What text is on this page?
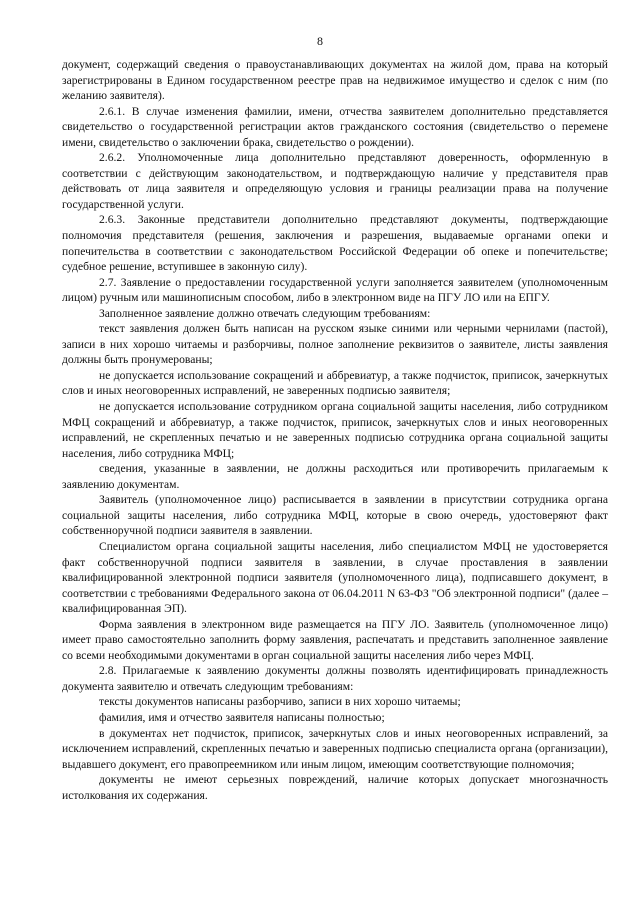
8

документ, содержащий сведения о правоустанавливающих документах на жилой дом, права на который зарегистрированы в Едином государственном реестре прав на недвижимое имущество и сделок с ним (по желанию заявителя).

2.6.1. В случае изменения фамилии, имени, отчества заявителем дополнительно представляется свидетельство о государственной регистрации актов гражданского состояния (свидетельство о перемене имени, свидетельство о заключении брака, свидетельство о рождении).

2.6.2. Уполномоченные лица дополнительно представляют доверенность, оформленную в соответствии с действующим законодательством, и подтверждающую наличие у представителя прав действовать от лица заявителя и определяющую условия и границы реализации права на получение государственной услуги.

2.6.3. Законные представители дополнительно представляют документы, подтверждающие полномочия представителя (решения, заключения и разрешения, выдаваемые органами опеки и попечительства в соответствии с законодательством Российской Федерации об опеке и попечительстве; судебное решение, вступившее в законную силу).

2.7. Заявление о предоставлении государственной услуги заполняется заявителем (уполномоченным лицом) ручным или машинописным способом, либо в электронном виде на ПГУ ЛО или на ЕПГУ.

Заполненное заявление должно отвечать следующим требованиям:

текст заявления должен быть написан на русском языке синими или черными чернилами (пастой), записи в них хорошо читаемы и разборчивы, полное заполнение реквизитов о заявителе, листы заявления должны быть пронумерованы;

не допускается использование сокращений и аббревиатур, а также подчисток, приписок, зачеркнутых слов и иных неоговоренных исправлений, не заверенных подписью заявителя;

не допускается использование сотрудником органа социальной защиты населения, либо сотрудником МФЦ сокращений и аббревиатур, а также подчисток, приписок, зачеркнутых слов и иных неоговоренных исправлений, не скрепленных печатью и не заверенных подписью сотрудника органа социальной защиты населения, либо сотрудника МФЦ;

сведения, указанные в заявлении, не должны расходиться или противоречить прилагаемым к заявлению документам.

Заявитель (уполномоченное лицо) расписывается в заявлении в присутствии сотрудника органа социальной защиты населения, либо сотрудника МФЦ, которые в свою очередь, удостоверяют факт собственноручной подписи заявителя в заявлении.

Специалистом органа социальной защиты населения, либо специалистом МФЦ не удостоверяется факт собственноручной подписи заявителя в заявлении, в случае проставления в заявлении квалифицированной электронной подписи заявителя (уполномоченного лица), подписавшего документ, в соответствии с требованиями Федерального закона от 06.04.2011 N 63-ФЗ "Об электронной подписи" (далее – квалифицированная ЭП).

Форма заявления в электронном виде размещается на ПГУ ЛО. Заявитель (уполномоченное лицо) имеет право самостоятельно заполнить форму заявления, распечатать и представить заполненное заявление со всеми необходимыми документами в орган социальной защиты населения либо через МФЦ.

2.8. Прилагаемые к заявлению документы должны позволять идентифицировать принадлежность документа заявителю и отвечать следующим требованиям:

тексты документов написаны разборчиво, записи в них хорошо читаемы;

фамилия, имя и отчество заявителя написаны полностью;

в документах нет подчисток, приписок, зачеркнутых слов и иных неоговоренных исправлений, за исключением исправлений, скрепленных печатью и заверенных подписью специалиста органа (организации), выдавшего документ, его правопреемником или иным лицом, имеющим соответствующие полномочия;

документы не имеют серьезных повреждений, наличие которых допускает многозначность истолкования их содержания.
